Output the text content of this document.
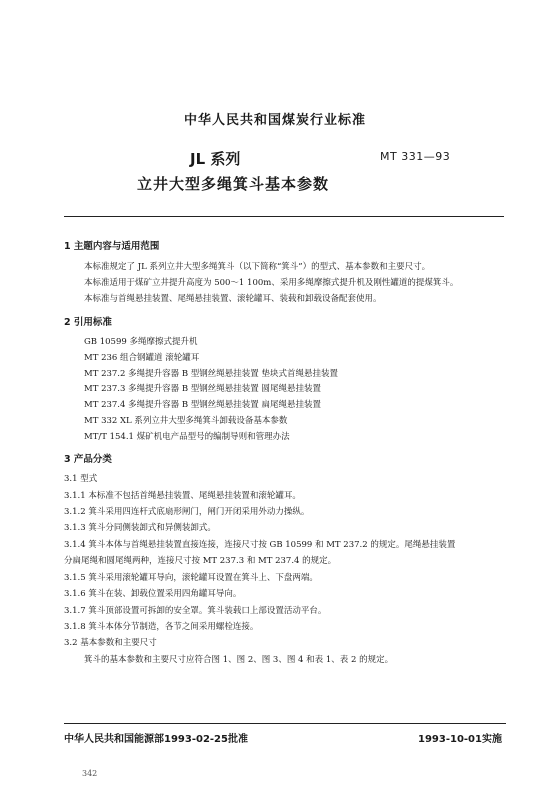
中华人民共和国煤炭行业标准
JL 系列	MT 331—93
立井大型多绳箕斗基本参数
1 主题内容与适用范围
本标准规定了 JL 系列立井大型多绳箕斗（以下简称“箕斗”）的型式、基本参数和主要尺寸。
本标准适用于煤矿立井提升高度为 500～1 100m、采用多绳摩擦式提升机及刚性罐道的提煤箕斗。
本标准与首绳悬挂装置、尾绳悬挂装置、滚轮罐耳、装载和卸载设备配套使用。
2 引用标准
GB 10599 多绳摩擦式提升机
MT 236 组合钢罐道 滚轮罐耳
MT 237.2 多绳提升容器 B 型钢丝绳悬挂装置 垫块式首绳悬挂装置
MT 237.3 多绳提升容器 B 型钢丝绳悬挂装置 圆尾绳悬挂装置
MT 237.4 多绳提升容器 B 型钢丝绳悬挂装置 扁尾绳悬挂装置
MT 332 XL 系列立井大型多绳箕斗卸载设备基本参数
MT/T 154.1 煤矿机电产品型号的编制导则和管理办法
3 产品分类
3.1 型式
3.1.1 本标准不包括首绳悬挂装置、尾绳悬挂装置和滚轮罐耳。
3.1.2 箕斗采用四连杆式底扇形闸门，闸门开闭采用外动力操纵。
3.1.3 箕斗分同侧装卸式和异侧装卸式。
3.1.4 箕斗本体与首绳悬挂装置直接连接，连接尺寸按 GB 10599 和 MT 237.2 的规定。尾绳悬挂装置
分扁尾绳和圆尾绳两种，连接尺寸按 MT 237.3 和 MT 237.4 的规定。
3.1.5 箕斗采用滚轮罐耳导向，滚轮罐耳设置在箕斗上、下盘两端。
3.1.6 箕斗在装、卸载位置采用四角罐耳导向。
3.1.7 箕斗顶部设置可拆卸的安全罩。箕斗装载口上部设置活动平台。
3.1.8 箕斗本体分节制造，各节之间采用螺栓连接。
3.2 基本参数和主要尺寸
箕斗的基本参数和主要尺寸应符合图 1、图 2、图 3、图 4 和表 1、表 2 的规定。
中华人民共和国能源部1993-02-25批准	1993-10-01实施
342
